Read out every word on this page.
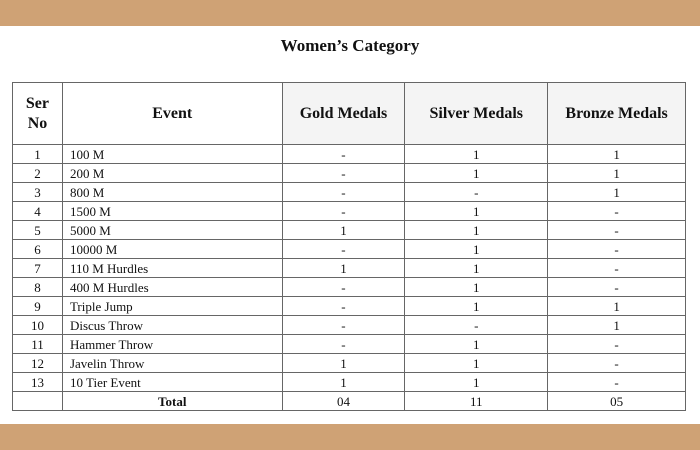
Women’s Category
Ser No	Event	Gold Medals	Silver Medals	Bronze Medals
1	100 M	-	1	1
2	200 M	-	1	1
3	800 M	-	-	1
4	1500 M	-	1	-
5	5000 M	1	1	-
6	10000 M	-	1	-
7	110 M Hurdles	1	1	-
8	400 M Hurdles	-	1	-
9	Triple Jump	-	1	1
10	Discus Throw	-	-	1
11	Hammer Throw	-	1	-
12	Javelin Throw	1	1	-
13	10 Tier Event	1	1	-
	Total	04	11	05
